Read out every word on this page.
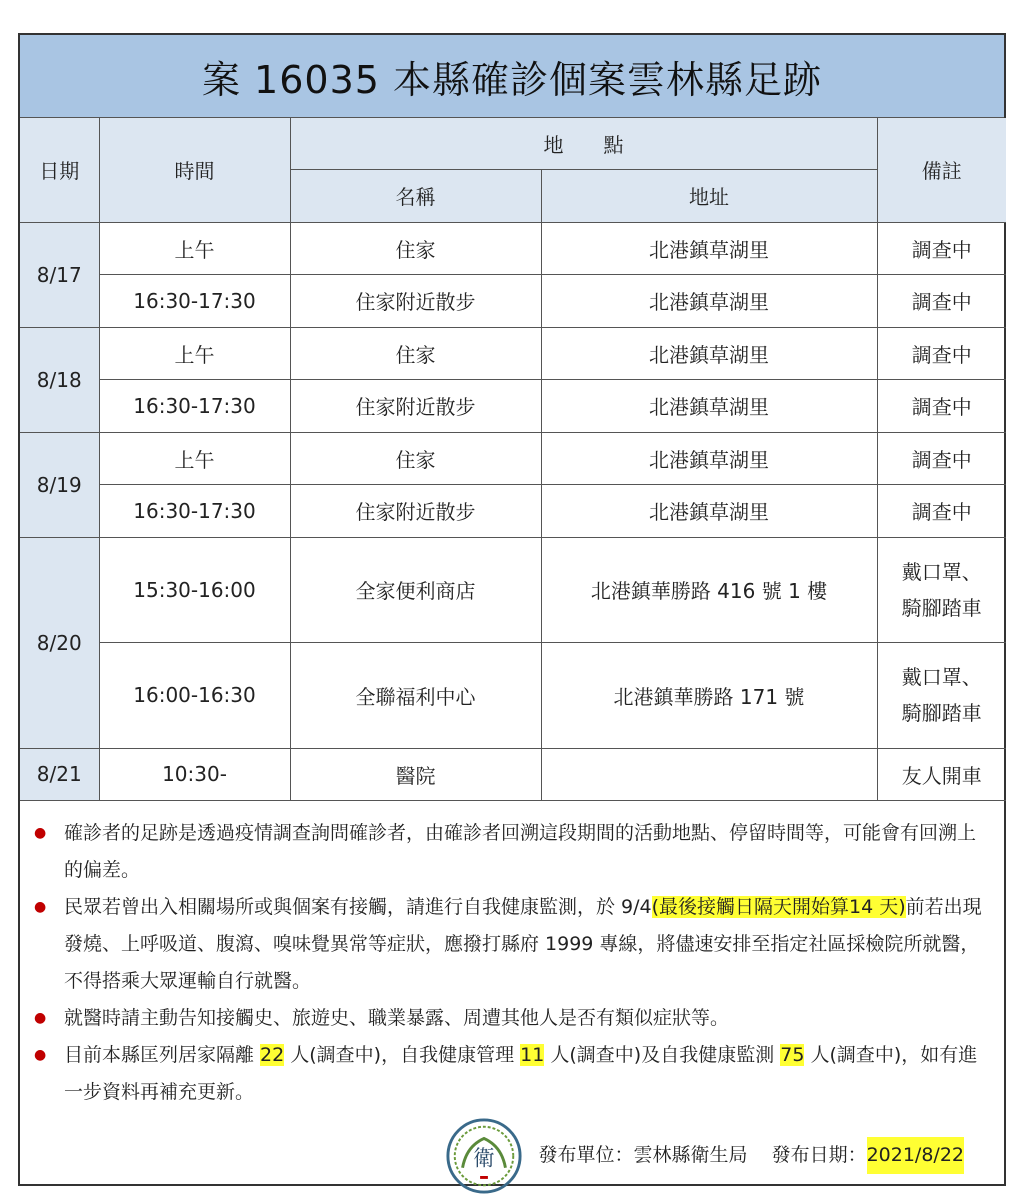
案 16035 本縣確診個案雲林縣足跡
日期	時間	地　　點		備註
		名稱	地址	
8/17	上午	住家	北港鎮草湖里	調查中
	16:30-17:30	住家附近散步	北港鎮草湖里	調查中
8/18	上午	住家	北港鎮草湖里	調查中
	16:30-17:30	住家附近散步	北港鎮草湖里	調查中
8/19	上午	住家	北港鎮草湖里	調查中
	16:30-17:30	住家附近散步	北港鎮草湖里	調查中
8/20	15:30-16:00	全家便利商店	北港鎮華勝路 416 號 1 樓	戴口罩、
騎腳踏車

	16:00-16:30	全聯福利中心	北港鎮華勝路 171 號	戴口罩、
騎腳踏車

8/21	10:30-	醫院		友人開車
● 確診者的足跡是透過疫情調查詢問確診者，由確診者回溯這段期間的活動地點、停留時間等，可能會有回溯上的偏差。
● 民眾若曾出入相關場所或與個案有接觸，請進行自我健康監測，於 9/4(最後接觸日隔天開始算14 天)前若出現發燒、上呼吸道、腹瀉、嗅味覺異常等症狀，應撥打縣府 1999 專線，將儘速安排至指定社區採檢院所就醫，不得搭乘大眾運輸自行就醫。
● 就醫時請主動告知接觸史、旅遊史、職業暴露、周遭其他人是否有類似症狀等。
● 目前本縣匡列居家隔離 22 人(調查中)，自我健康管理 11 人(調查中)及自我健康監測 75 人(調查中)，如有進一步資料再補充更新。
衛 發布單位：雲林縣衛生局 發布日期： 2021/8/22
